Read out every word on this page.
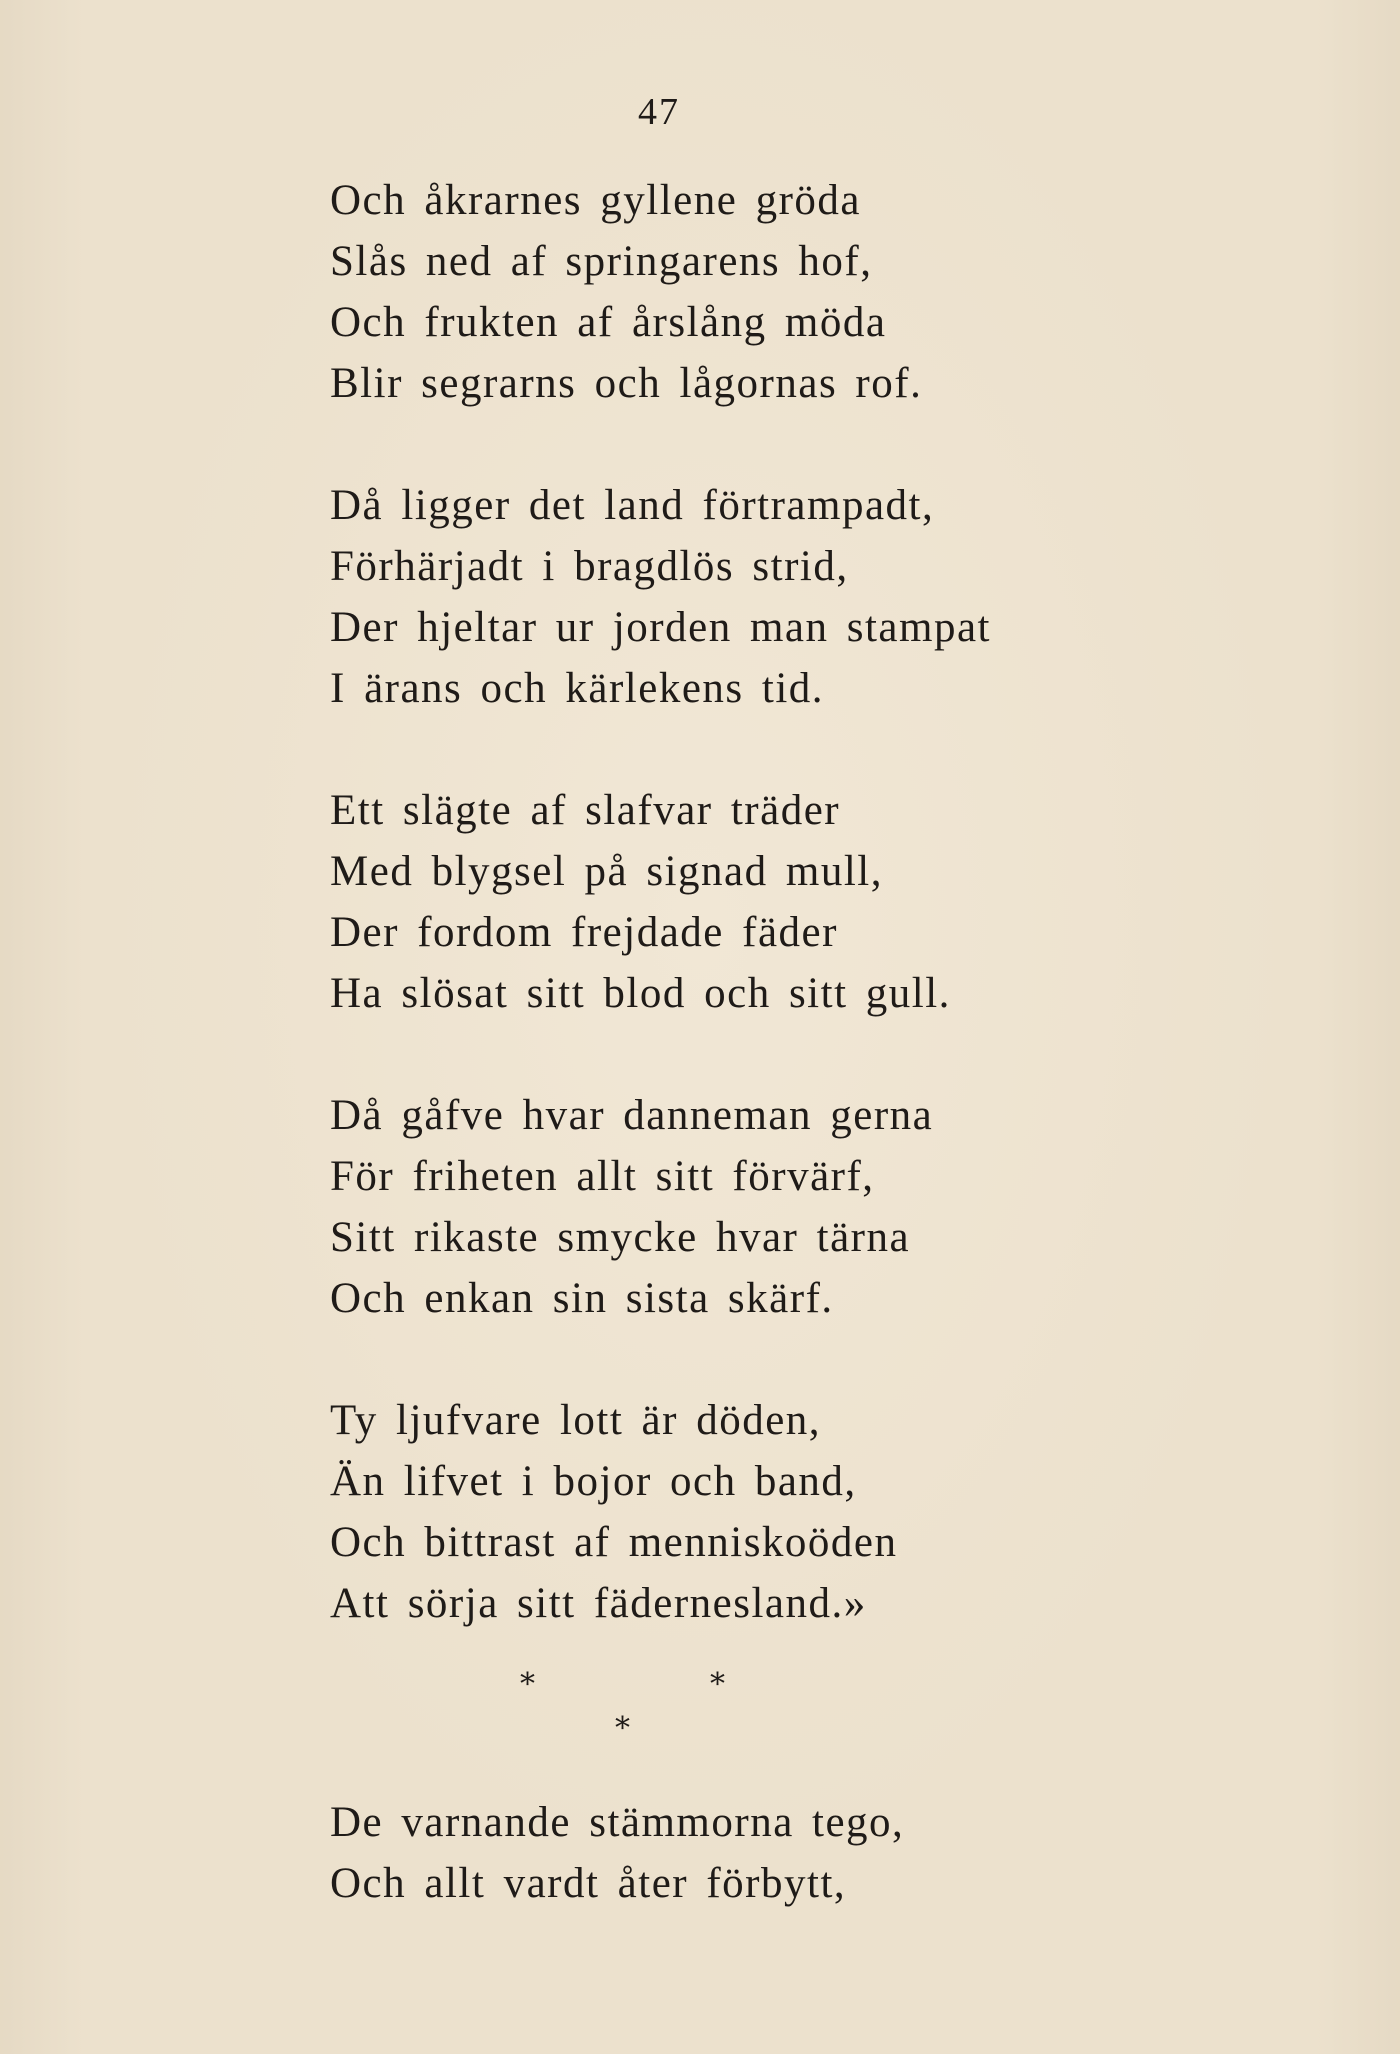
47
Och åkrarnes gyllene gröda
Slås ned af springarens hof,
Och frukten af årslång möda
Blir segrarns och lågornas rof.
Då ligger det land förtrampadt,
Förhärjadt i bragdlös strid,
Der hjeltar ur jorden man stampat
I ärans och kärlekens tid.
Ett slägte af slafvar träder
Med blygsel på signad mull,
Der fordom frejdade fäder
Ha slösat sitt blod och sitt gull.
Då gåfve hvar danneman gerna
För friheten allt sitt förvärf,
Sitt rikaste smycke hvar tärna
Och enkan sin sista skärf.
Ty ljufvare lott är döden,
Än lifvet i bojor och band,
Och bittrast af menniskoöden
Att sörja sitt fädernesland.»
*	*
*
De varnande stämmorna tego,
Och allt vardt åter förbytt,
